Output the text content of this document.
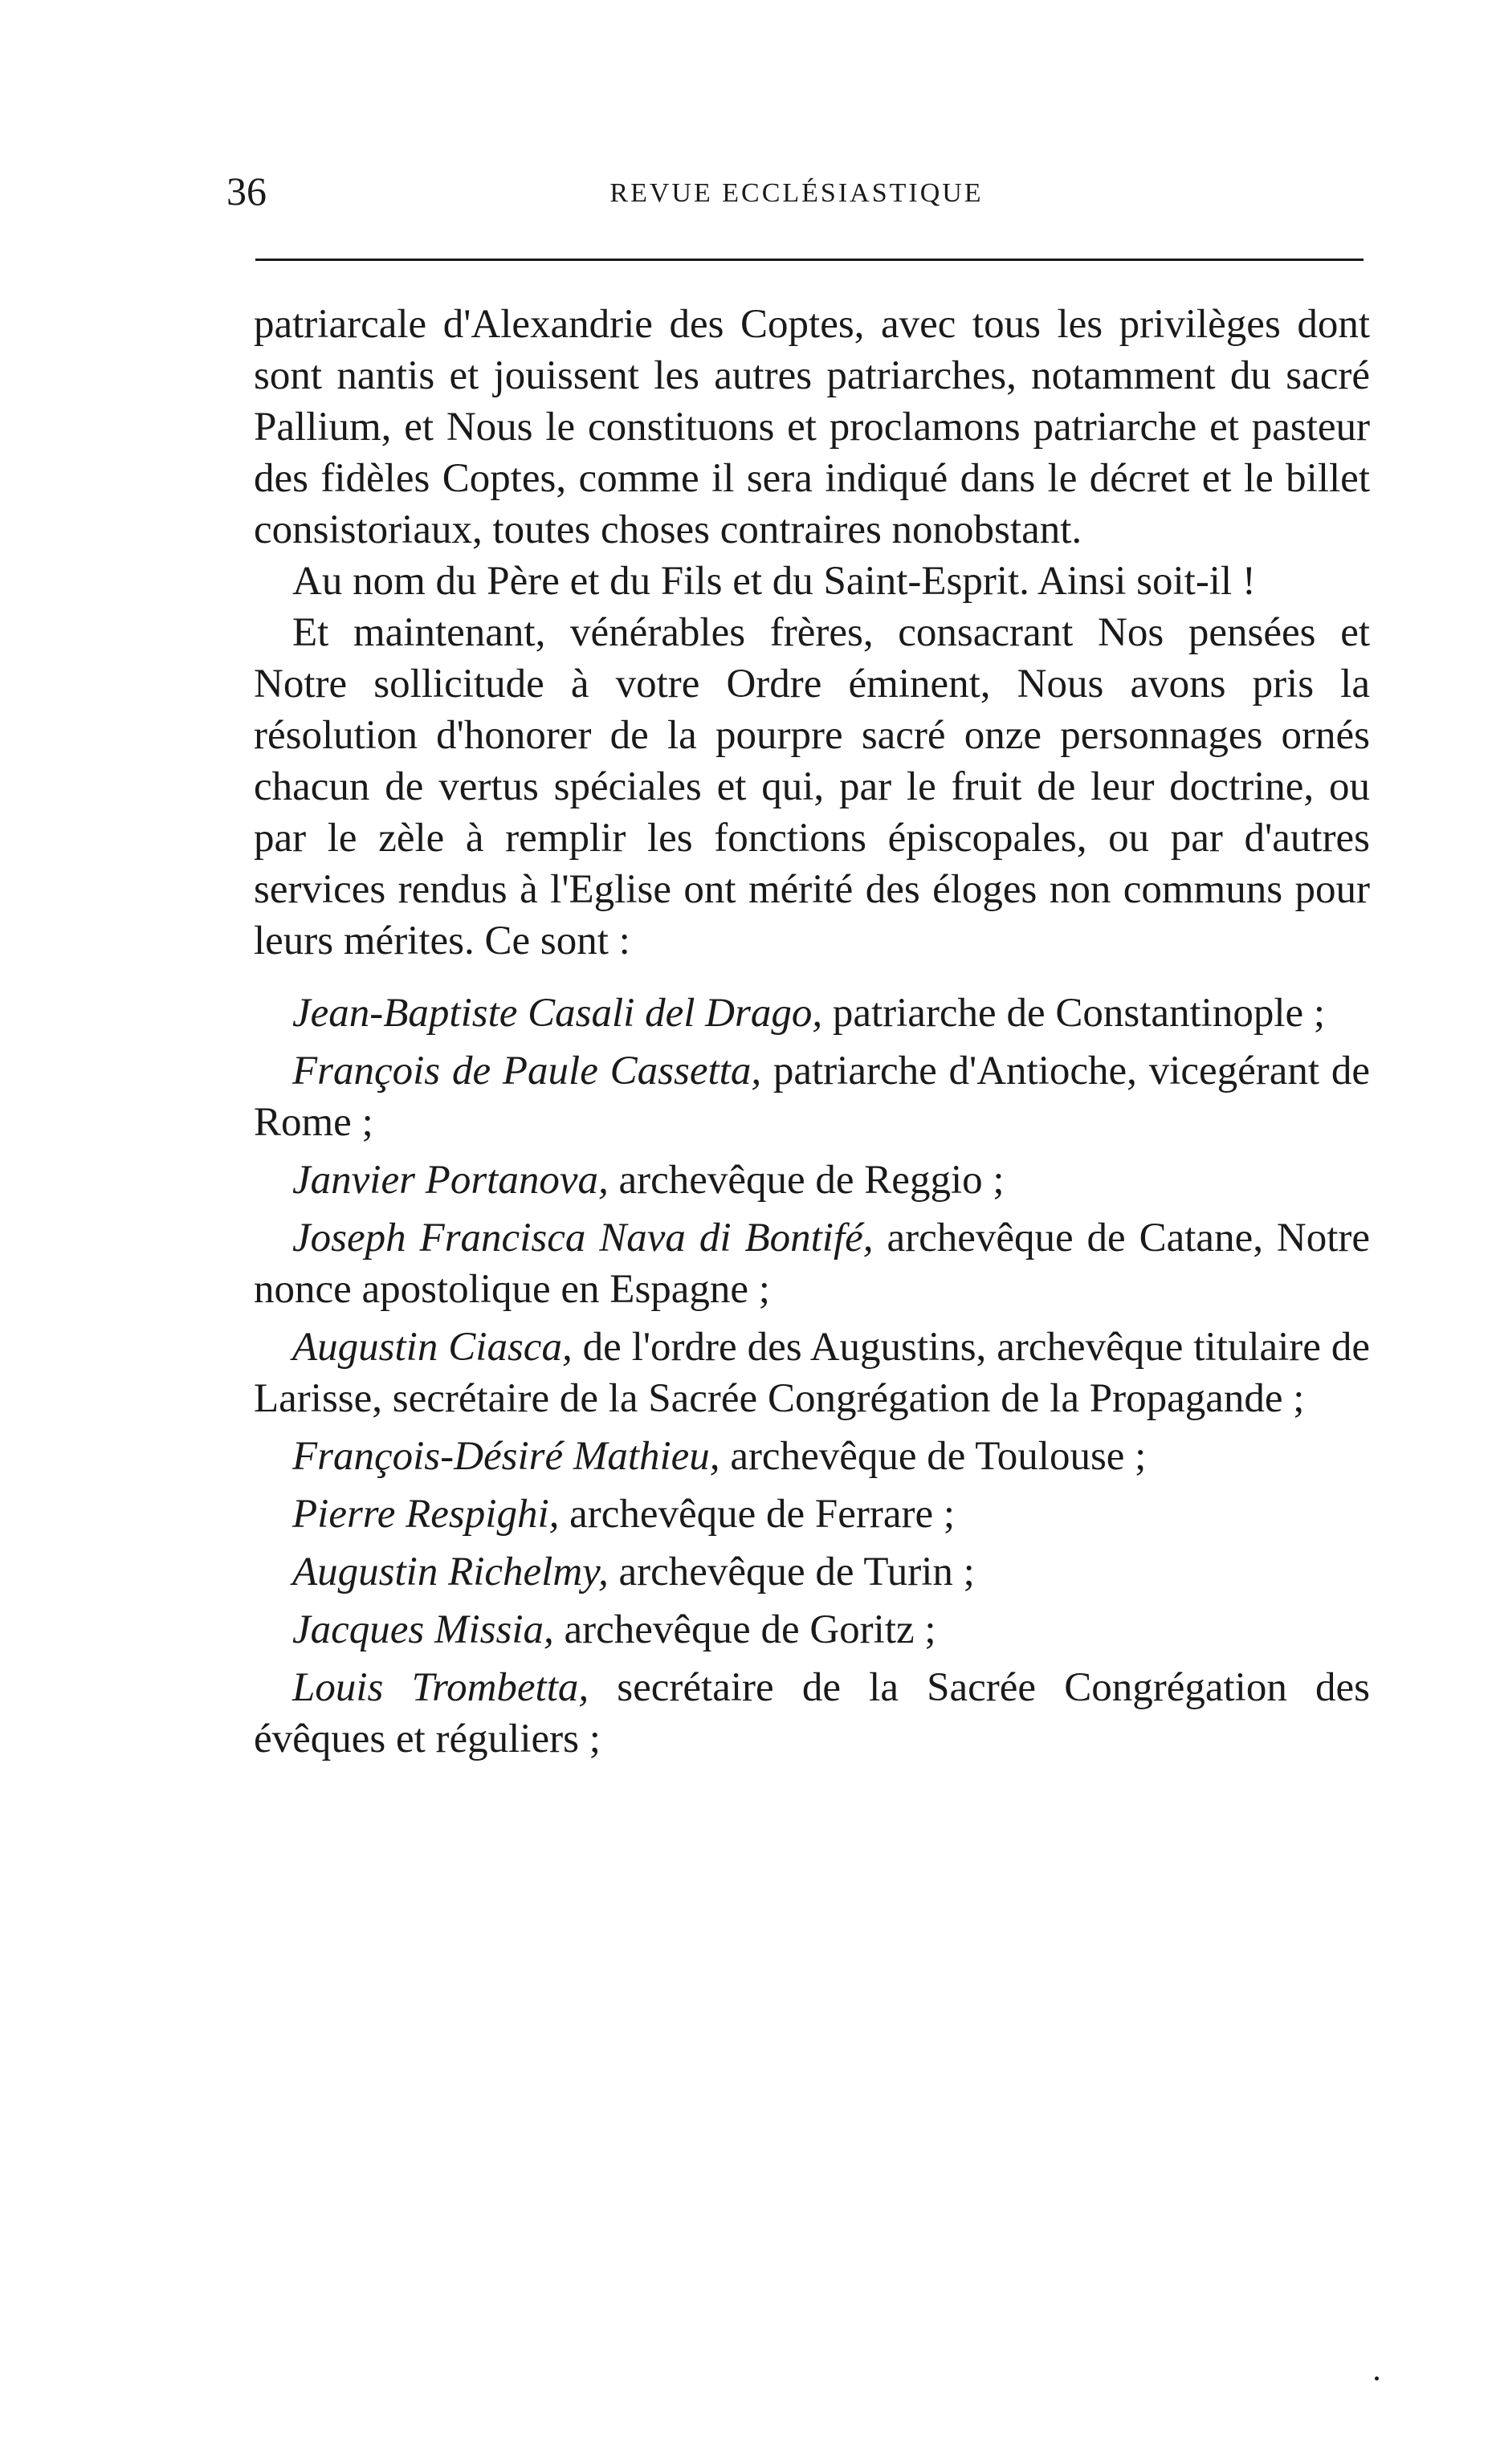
36	REVUE ECCLÉSIASTIQUE

patriarcale d'Alexandrie des Coptes, avec tous les privilèges dont sont nantis et jouissent les autres patriarches, notamment du sacré Pallium, et Nous le constituons et proclamons patriarche et pasteur des fidèles Coptes, comme il sera indiqué dans le décret et le billet consistoriaux, toutes choses contraires nonobstant.

Au nom du Père et du Fils et du Saint-Esprit. Ainsi soit-il !

Et maintenant, vénérables frères, consacrant Nos pensées et Notre sollicitude à votre Ordre éminent, Nous avons pris la résolution d'honorer de la pourpre sacré onze personnages ornés chacun de vertus spéciales et qui, par le fruit de leur doctrine, ou par le zèle à remplir les fonctions épiscopales, ou par d'autres services rendus à l'Eglise ont mérité des éloges non communs pour leurs mérites. Ce sont :

Jean-Baptiste Casali del Drago, patriarche de Constantinople ;

François de Paule Cassetta, patriarche d'Antioche, vicegérant de Rome ;

Janvier Portanova, archevêque de Reggio ;

Joseph Francisca Nava di Bontifé, archevêque de Catane, Notre nonce apostolique en Espagne ;

Augustin Ciasca, de l'ordre des Augustins, archevêque titulaire de Larisse, secrétaire de la Sacrée Congrégation de la Propagande ;

François-Désiré Mathieu, archevêque de Toulouse ;

Pierre Respighi, archevêque de Ferrare ;

Augustin Richelmy, archevêque de Turin ;

Jacques Missia, archevêque de Goritz ;

Louis Trombetta, secrétaire de la Sacrée Congrégation des évêques et réguliers ;
